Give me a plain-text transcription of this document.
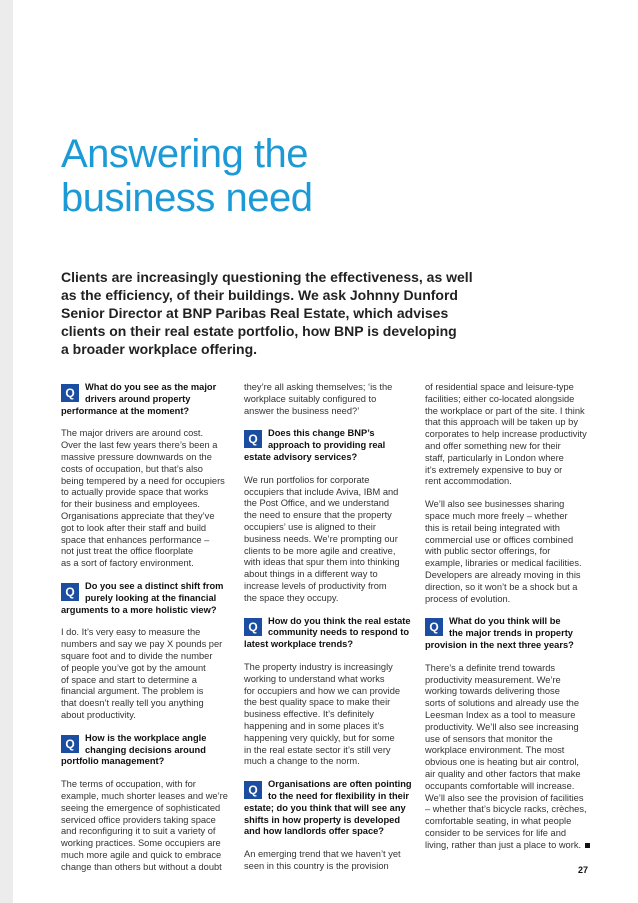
Answering the
business need

Clients are increasingly questioning the effectiveness, as well
as the efficiency, of their buildings. We ask Johnny Dunford
Senior Director at BNP Paribas Real Estate, which advises
clients on their real estate portfolio, how BNP is developing
a broader workplace offering.

Q	What do you see as the major
drivers around property
performance at the moment?
The major drivers are around cost.
Over the last few years there’s been a
massive pressure downwards on the
costs of occupation, but that’s also
being tempered by a need for occupiers
to actually provide space that works
for their business and employees.
Organisations appreciate that they’ve
got to look after their staff and build
space that enhances performance –
not just treat the office floorplate
as a sort of factory environment.
Q	Do you see a distinct shift from
purely looking at the financial
arguments to a more holistic view?
I do. It’s very easy to measure the
numbers and say we pay X pounds per
square foot and to divide the number
of people you’ve got by the amount
of space and start to determine a
financial argument. The problem is
that doesn’t really tell you anything
about productivity.
Q	How is the workplace angle
changing decisions around
portfolio management?
The terms of occupation, with for
example, much shorter leases and we’re
seeing the emergence of sophisticated
serviced office providers taking space
and reconfiguring it to suit a variety of
working practices. Some occupiers are
much more agile and quick to embrace
change than others but without a doubt
they’re all asking themselves; ‘is the
workplace suitably configured to
answer the business need?’
Q	Does this change BNP’s
approach to providing real
estate advisory services?
We run portfolios for corporate
occupiers that include Aviva, IBM and
the Post Office, and we understand
the need to ensure that the property
occupiers’ use is aligned to their
business needs. We’re prompting our
clients to be more agile and creative,
with ideas that spur them into thinking
about things in a different way to
increase levels of productivity from
the space they occupy.
Q	How do you think the real estate
community needs to respond to
latest workplace trends?
The property industry is increasingly
working to understand what works
for occupiers and how we can provide
the best quality space to make their
business effective. It’s definitely
happening and in some places it’s
happening very quickly, but for some
in the real estate sector it’s still very
much a change to the norm.
Q	Organisations are often pointing
to the need for flexibility in their
estate; do you think that will see any
shifts in how property is developed
and how landlords offer space?
An emerging trend that we haven’t yet
seen in this country is the provision
of residential space and leisure-type
facilities; either co-located alongside
the workplace or part of the site. I think
that this approach will be taken up by
corporates to help increase productivity
and offer something new for their
staff, particularly in London where
it’s extremely expensive to buy or
rent accommodation.
We’ll also see businesses sharing
space much more freely – whether
this is retail being integrated with
commercial use or offices combined
with public sector offerings, for
example, libraries or medical facilities.
Developers are already moving in this
direction, so it won’t be a shock but a
process of evolution.
Q	What do you think will be
the major trends in property
provision in the next three years?
There’s a definite trend towards
productivity measurement. We’re
working towards delivering those
sorts of solutions and already use the
Leesman Index as a tool to measure
productivity. We’ll also see increasing
use of sensors that monitor the
workplace environment. The most
obvious one is heating but air control,
air quality and other factors that make
occupants comfortable will increase.
We’ll also see the provision of facilities
– whether that’s bicycle racks, crèches,
comfortable seating, in what people
consider to be services for life and
living, rather than just a place to work.
27
